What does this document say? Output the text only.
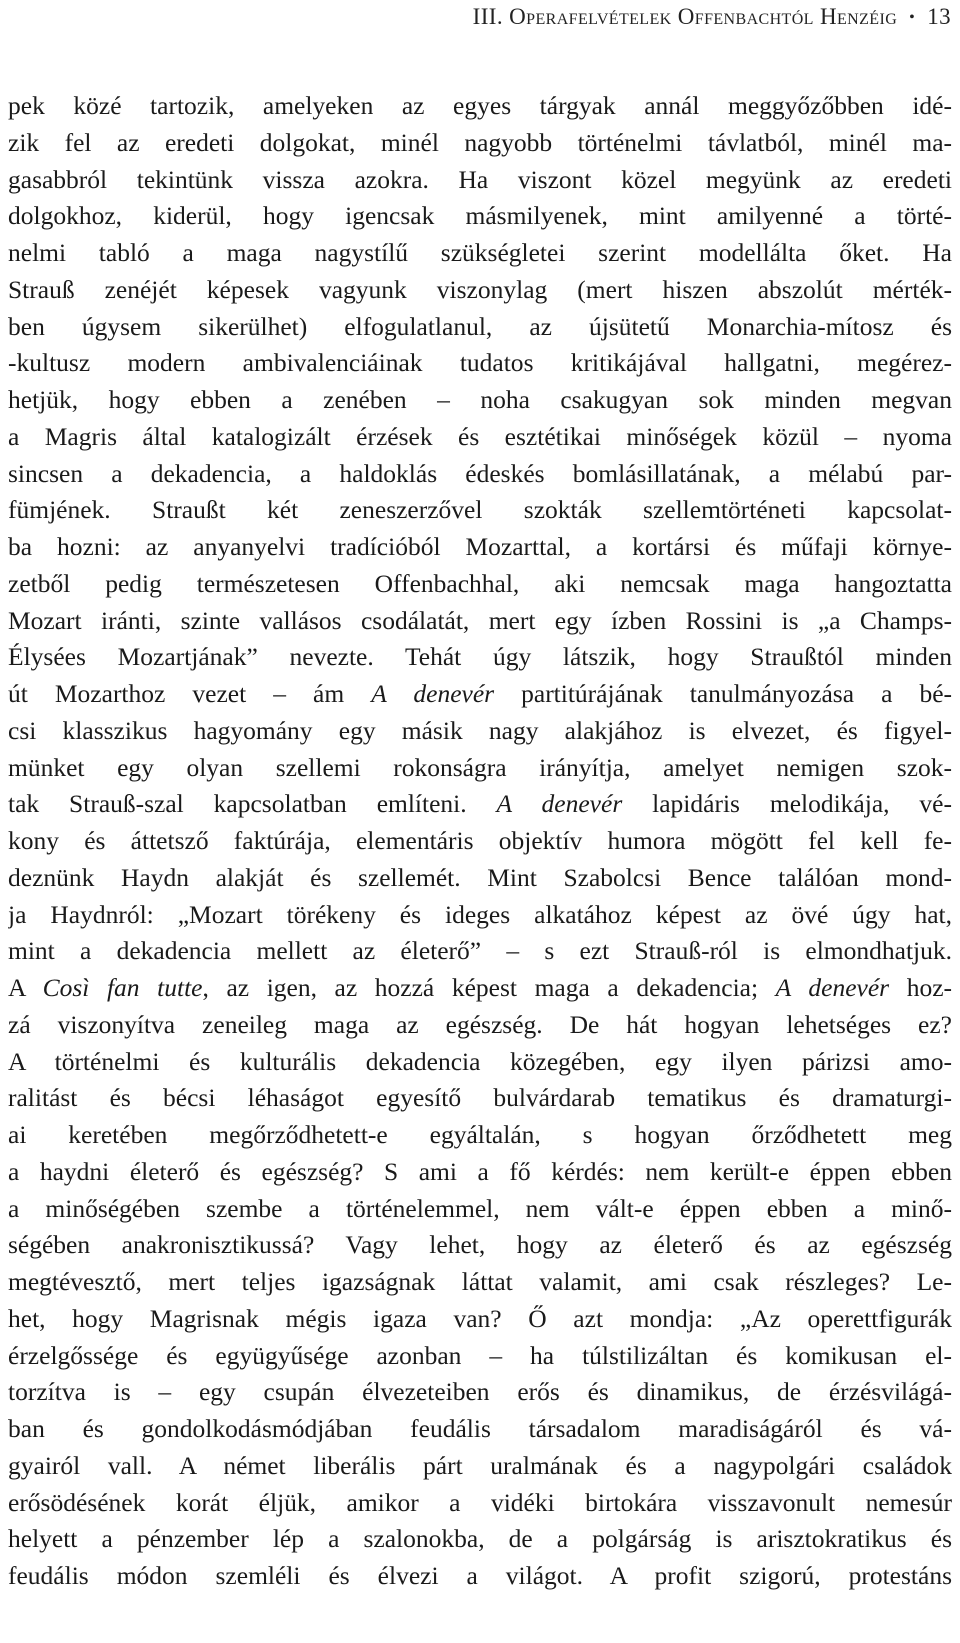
III. Operafelvételek Offenbachtól Henzéig • 13
pek közé tartozik, amelyeken az egyes tárgyak annál meggyőzőbben idé-
zik fel az eredeti dolgokat, minél nagyobb történelmi távlatból, minél ma-
gasabbról tekintünk vissza azokra. Ha viszont közel megyünk az eredeti
dolgokhoz, kiderül, hogy igencsak másmilyenek, mint amilyenné a törté-
nelmi tabló a maga nagystílű szükségletei szerint modellálta őket. Ha
Strauß zenéjét képesek vagyunk viszonylag (mert hiszen abszolút mérték-
ben úgysem sikerülhet) elfogulatlanul, az újsütetű Monarchia-mítosz és
-kultusz modern ambivalenciáinak tudatos kritikájával hallgatni, megérez-
hetjük, hogy ebben a zenében – noha csakugyan sok minden megvan
a Magris által katalogizált érzések és esztétikai minőségek közül – nyoma
sincsen a dekadencia, a haldoklás édeskés bomlásillatának, a mélabú par-
fümjének. Straußt két zeneszerzővel szokták szellemtörténeti kapcsolat-
ba hozni: az anyanyelvi tradícióból Mozarttal, a kortársi és műfaji környe-
zetből pedig természetesen Offenbachhal, aki nemcsak maga hangoztatta
Mozart iránti, szinte vallásos csodálatát, mert egy ízben Rossini is „a Champs-
Élysées Mozartjának” nevezte. Tehát úgy látszik, hogy Straußtól minden
út Mozarthoz vezet – ám A denevér partitúrájának tanulmányozása a bé-
csi klasszikus hagyomány egy másik nagy alakjához is elvezet, és figyel-
münket egy olyan szellemi rokonságra irányítja, amelyet nemigen szok-
tak Strauß-szal kapcsolatban említeni. A denevér lapidáris melodikája, vé-
kony és áttetsző faktúrája, elementáris objektív humora mögött fel kell fe-
deznünk Haydn alakját és szellemét. Mint Szabolcsi Bence találóan mond-
ja Haydnról: „Mozart törékeny és ideges alkatához képest az övé úgy hat,
mint a dekadencia mellett az életerő” – s ezt Strauß-ról is elmondhatjuk.
A Così fan tutte, az igen, az hozzá képest maga a dekadencia; A denevér hoz-
zá viszonyítva zeneileg maga az egészség. De hát hogyan lehetséges ez?
A történelmi és kulturális dekadencia közegében, egy ilyen párizsi amo-
ralitást és bécsi léhaságot egyesítő bulvárdarab tematikus és dramaturgi-
ai keretében megőrződhetett-e egyáltalán, s hogyan őrződhetett meg
a haydni életerő és egészség? S ami a fő kérdés: nem került-e éppen ebben
a minőségében szembe a történelemmel, nem vált-e éppen ebben a minő-
ségében anakronisztikussá? Vagy lehet, hogy az életerő és az egészség
megtévesztő, mert teljes igazságnak láttat valamit, ami csak részleges? Le-
het, hogy Magrisnak mégis igaza van? Ő azt mondja: „Az operettfigurák
érzelgőssége és együgyűsége azonban – ha túlstilizáltan és komikusan el-
torzítva is – egy csupán élvezeteiben erős és dinamikus, de érzésvilágá-
ban és gondolkodásmódjában feudális társadalom maradiságáról és vá-
gyairól vall. A német liberális párt uralmának és a nagypolgári családok
erősödésének korát éljük, amikor a vidéki birtokára visszavonult nemesúr
helyett a pénzember lép a szalonokba, de a polgárság is arisztokratikus és
feudális módon szemléli és élvezi a világot. A profit szigorú, protestáns
